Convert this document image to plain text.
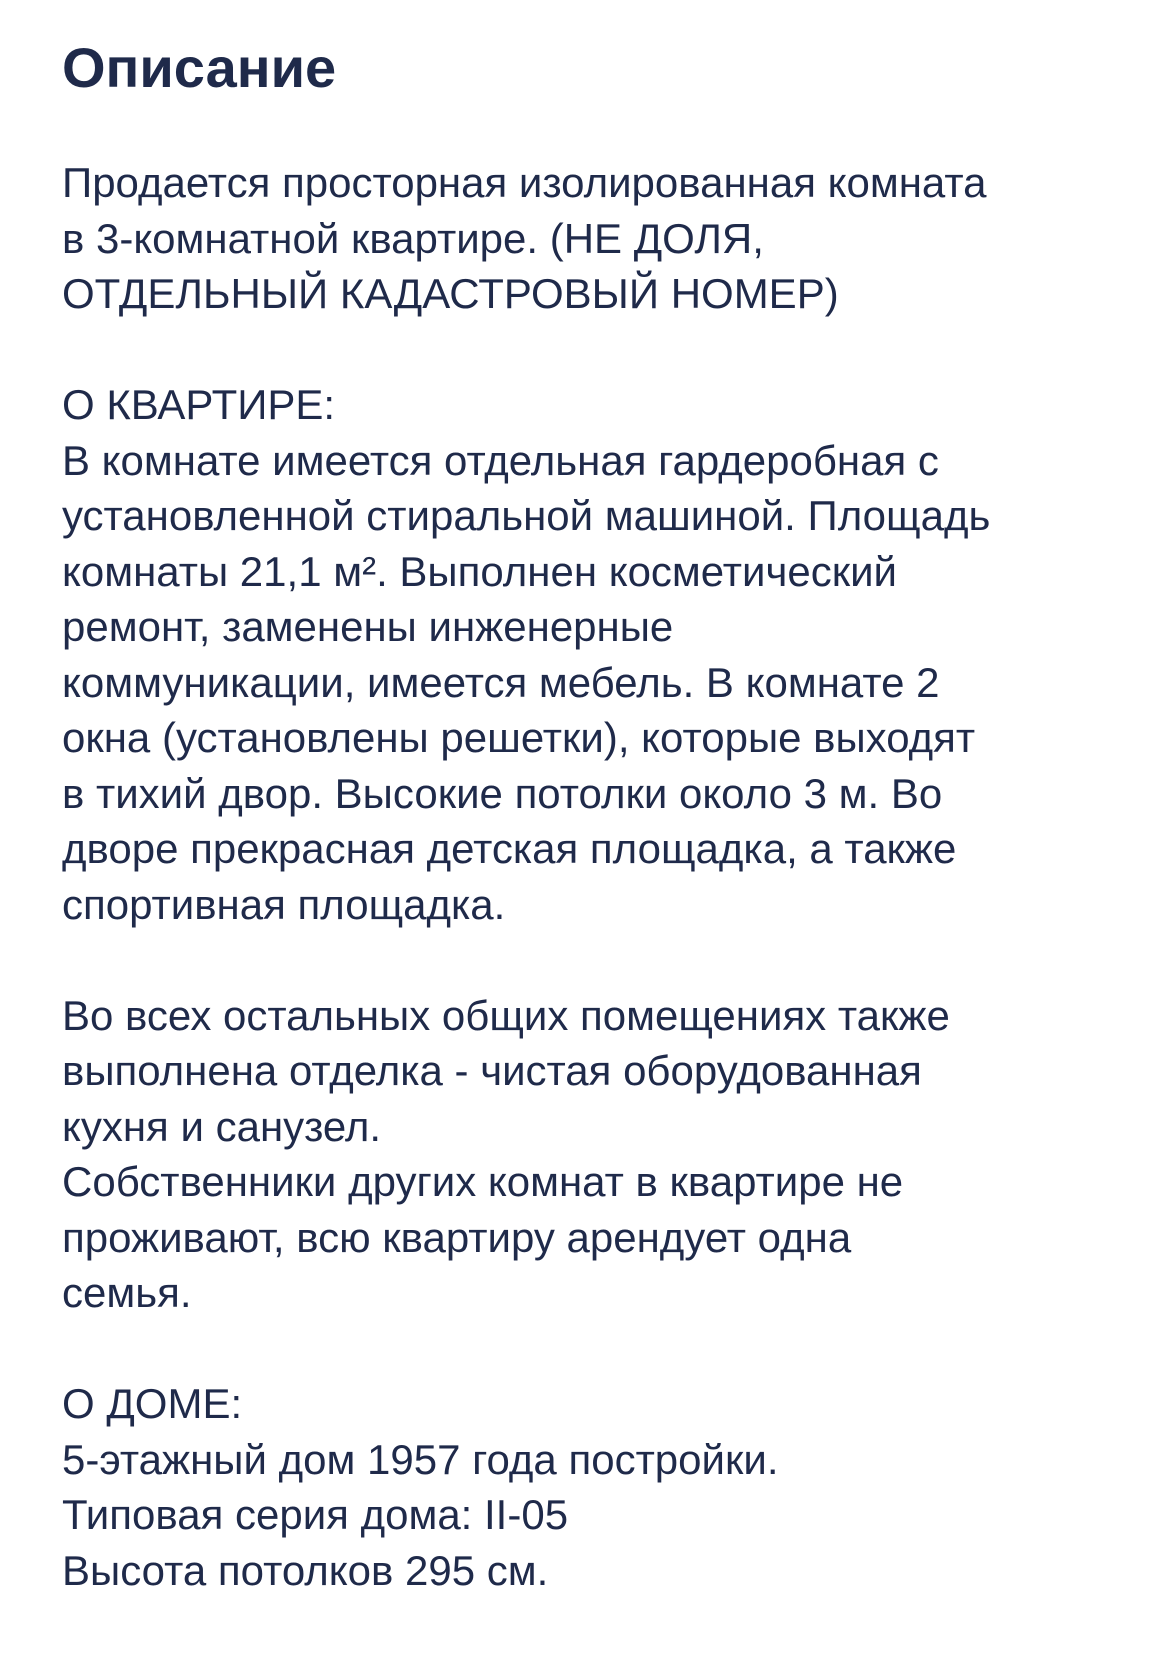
Описание
Продается просторная изолированная комната
в 3-комнатной квартире. (НЕ ДОЛЯ,
ОТДЕЛЬНЫЙ КАДАСТРОВЫЙ НОМЕР)
О КВАРТИРЕ:
В комнате имеется отдельная гардеробная с
установленной стиральной машиной. Площадь
комнаты 21,1 м². Выполнен косметический
ремонт, заменены инженерные
коммуникации, имеется мебель. В комнате 2
окна (установлены решетки), которые выходят
в тихий двор. Высокие потолки около 3 м. Во
дворе прекрасная детская площадка, а также
спортивная площадка.
Во всех остальных общих помещениях также
выполнена отделка - чистая оборудованная
кухня и санузел.
Собственники других комнат в квартире не
проживают, всю квартиру арендует одна
семья.
О ДОМЕ:
5-этажный дом 1957 года постройки.
Типовая серия дома: II-05
Высота потолков 295 см.
